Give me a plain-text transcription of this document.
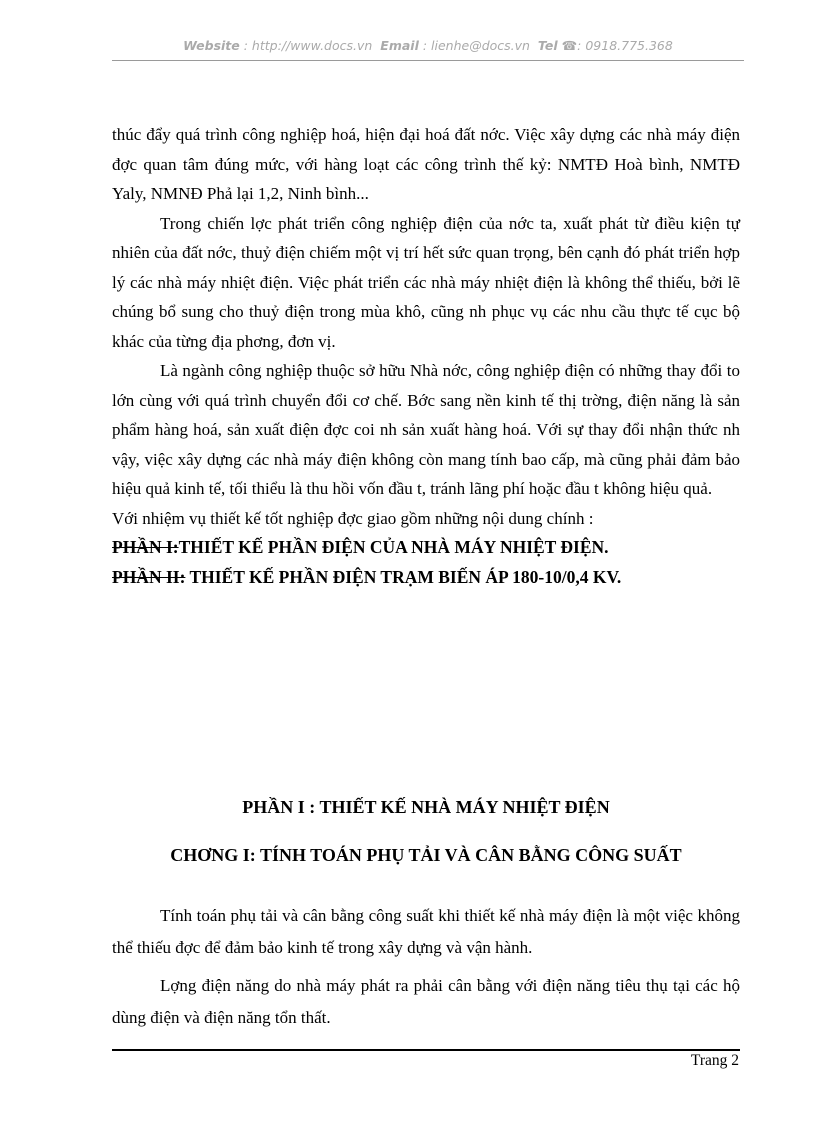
Website : http://www.docs.vn Email : lienhe@docs.vn Tel ☎: 0918.775.368

thúc đẩy quá trình công nghiệp hoá, hiện đại hoá đất nớc. Việc xây dựng các nhà máy điện đợc quan tâm đúng mức, với hàng loạt các công trình thế kỷ: NMTĐ Hoà bình, NMTĐ Yaly, NMNĐ Phả lại 1,2, Ninh bình...

Trong chiến lợc phát triển công nghiệp điện của nớc ta, xuất phát từ điều kiện tự nhiên của đất nớc, thuỷ điện chiếm một vị trí hết sức quan trọng, bên cạnh đó phát triển hợp lý các nhà máy nhiệt điện. Việc phát triển các nhà máy nhiệt điện là không thể thiếu, bởi lẽ chúng bổ sung cho thuỷ điện trong mùa khô, cũng nh phục vụ các nhu cầu thực tế cục bộ khác của từng địa phơng, đơn vị.

Là ngành công nghiệp thuộc sở hữu Nhà nớc, công nghiệp điện có những thay đổi to lớn cùng với quá trình chuyển đổi cơ chế. Bớc sang nền kinh tế thị trờng, điện năng là sản phẩm hàng hoá, sản xuất điện đợc coi nh sản xuất hàng hoá. Với sự thay đổi nhận thức nh vậy, việc xây dựng các nhà máy điện không còn mang tính bao cấp, mà cũng phải đảm bảo hiệu quả kinh tế, tối thiểu là thu hồi vốn đầu t, tránh lãng phí hoặc đầu t không hiệu quả.

Với nhiệm vụ thiết kế tốt nghiệp đợc giao gồm những nội dung chính :

PHẦN I:THIẾT KẾ PHẦN ĐIỆN CỦA NHÀ MÁY NHIỆT ĐIỆN.

PHẦN II: THIẾT KẾ PHẦN ĐIỆN TRẠM BIẾN ÁP 180-10/0,4 KV.

PHẦN I : THIẾT KẾ NHÀ MÁY NHIỆT ĐIỆN
CHƠNG I: TÍNH TOÁN PHỤ TẢI VÀ CÂN BẰNG CÔNG SUẤT

Tính toán phụ tải và cân bằng công suất khi thiết kế nhà máy điện là một việc không thể thiếu đợc để đảm bảo kinh tế trong xây dựng và vận hành.

Lợng điện năng do nhà máy phát ra phải cân bằng với điện năng tiêu thụ tại các hộ dùng điện và điện năng tổn thất.

Trang 2
